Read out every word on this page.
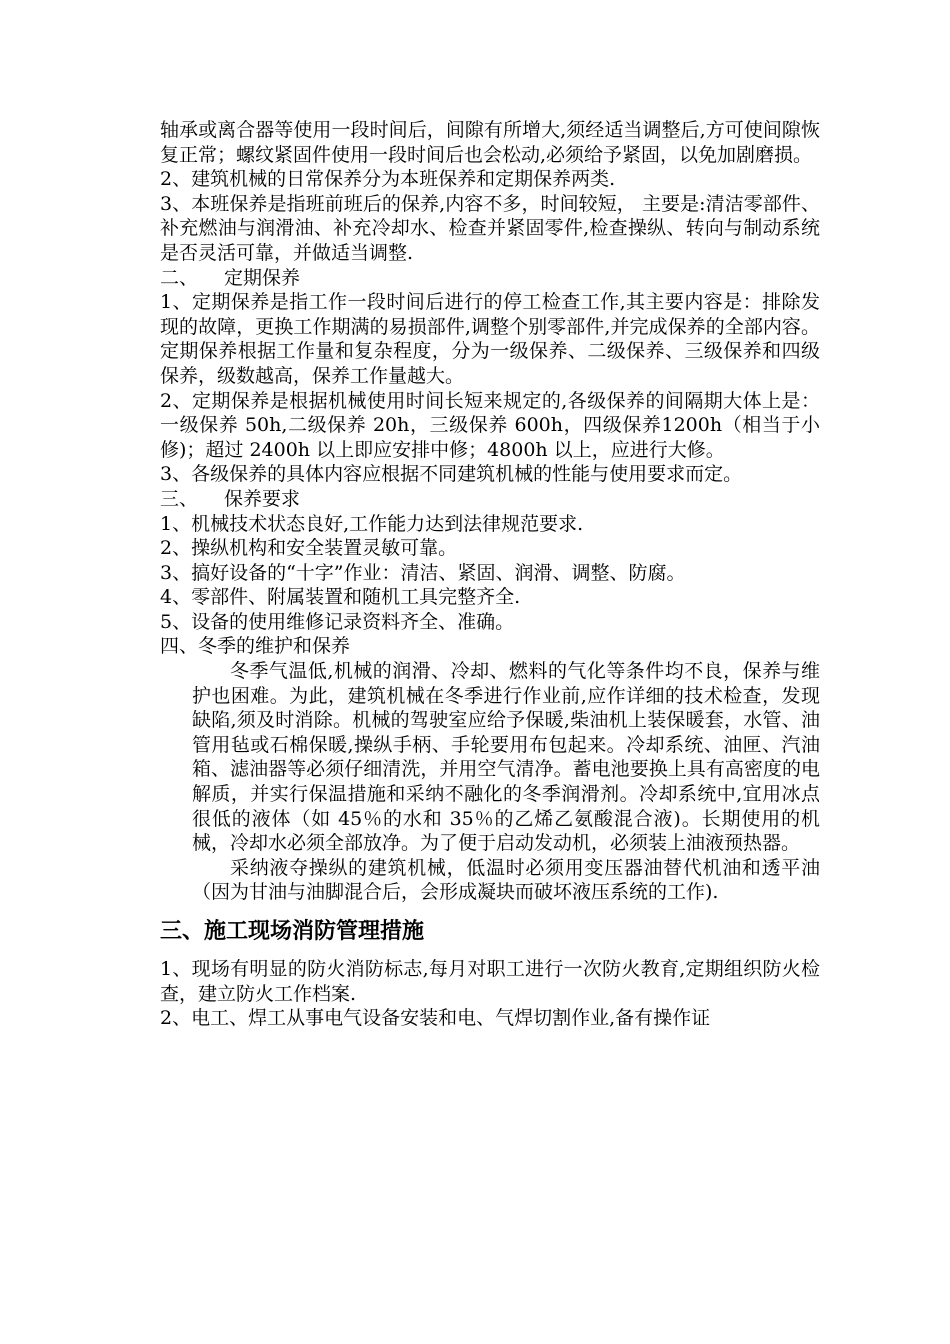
轴承或离合器等使用一段时间后，间隙有所增大,须经适当调整后,方可使间隙恢复正常；螺纹紧固件使用一段时间后也会松动,必须给予紧固，以免加剧磨损。

2、建筑机械的日常保养分为本班保养和定期保养两类.

3、本班保养是指班前班后的保养,内容不多，时间较短， 主要是:清洁零部件、补充燃油与润滑油、补充冷却水、检查并紧固零件,检查操纵、转向与制动系统是否灵活可靠，并做适当调整.

二、 定期保养

1、定期保养是指工作一段时间后进行的停工检查工作,其主要内容是：排除发现的故障，更换工作期满的易损部件,调整个别零部件,并完成保养的全部内容。定期保养根据工作量和复杂程度，分为一级保养、二级保养、三级保养和四级保养，级数越高，保养工作量越大。

2、定期保养是根据机械使用时间长短来规定的,各级保养的间隔期大体上是：一级保养 50h,二级保养 20h，三级保养 600h，四级保养1200h（相当于小修)；超过 2400h 以上即应安排中修；4800h 以上，应进行大修。

3、各级保养的具体内容应根据不同建筑机械的性能与使用要求而定。

三、 保养要求

1、机械技术状态良好,工作能力达到法律规范要求.

2、操纵机构和安全装置灵敏可靠。

3、搞好设备的“十字”作业：清洁、紧固、润滑、调整、防腐。

4、零部件、附属装置和随机工具完整齐全.

5、设备的使用维修记录资料齐全、准确。

四、冬季的维护和保养

冬季气温低,机械的润滑、冷却、燃料的气化等条件均不良，保养与维护也困难。为此，建筑机械在冬季进行作业前,应作详细的技术检查，发现缺陷,须及时消除。机械的驾驶室应给予保暖,柴油机上装保暖套，水管、油管用毡或石棉保暖,操纵手柄、手轮要用布包起来。冷却系统、油匣、汽油箱、滤油器等必须仔细清洗，并用空气清净。蓄电池要换上具有高密度的电解质，并实行保温措施和采纳不融化的冬季润滑剂。冷却系统中,宜用冰点很低的液体（如 45％的水和 35％的乙烯乙氨酸混合液)。长期使用的机械，冷却水必须全部放净。为了便于启动发动机，必须装上油液预热器。

采纳液夺操纵的建筑机械，低温时必须用变压器油替代机油和透平油（因为甘油与油脚混合后，会形成凝块而破坏液压系统的工作).

三、施工现场消防管理措施

1、现场有明显的防火消防标志,每月对职工进行一次防火教育,定期组织防火检查，建立防火工作档案.

2、电工、焊工从事电气设备安装和电、气焊切割作业,备有操作证
